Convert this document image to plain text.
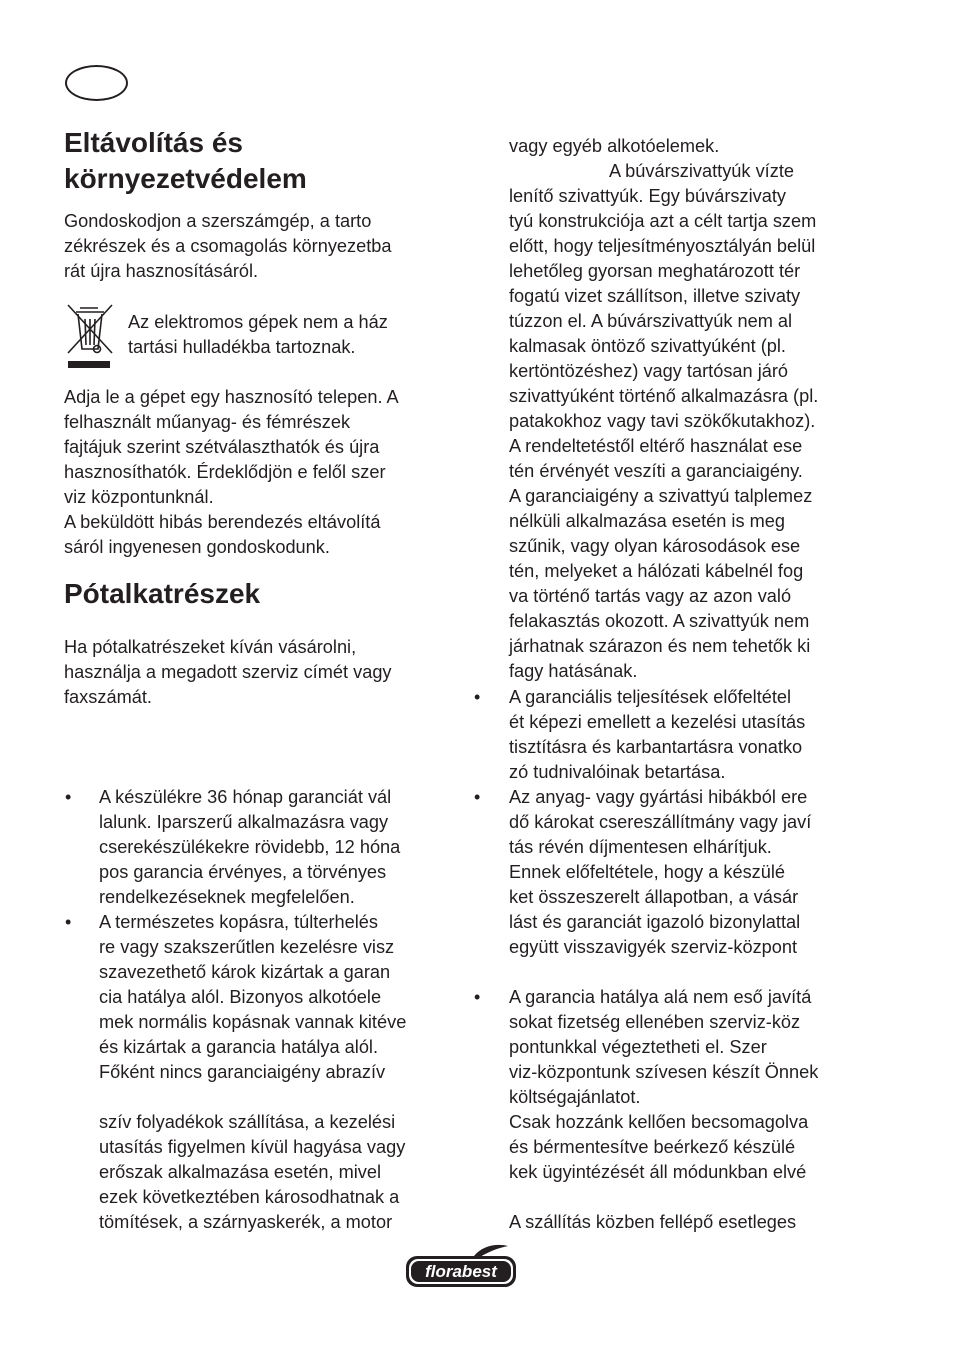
Eltávolítás és
környezetvédelem
Gondoskodjon a szerszámgép, a tarto
zékrészek és a csomagolás környezetba
rát újra hasznosításáról.
Az elektromos gépek nem a ház
tartási hulladékba tartoznak.
Adja le a gépet egy hasznosító telepen. A
felhasznált műanyag- és fémrészek
fajtájuk szerint szétválaszthatók és újra
hasznosíthatók. Érdeklődjön e felől szer
viz központunknál.
A beküldött hibás berendezés eltávolítá
sáról ingyenesen gondoskodunk.
Pótalkatrészek
Ha pótalkatrészeket kíván vásárolni,
használja a megadott szerviz címét vagy
faxszámát.
• A készülékre 36 hónap garanciát vál
lalunk. Iparszerű alkalmazásra vagy
cserekészülékekre rövidebb, 12 hóna
pos garancia érvényes, a törvényes
rendelkezéseknek megfelelően.
• A természetes kopásra, túlterhelés
re vagy szakszerűtlen kezelésre visz
szavezethető károk kizártak a garan
cia hatálya alól. Bizonyos alkotóele
mek normális kopásnak vannak kitéve
és kizártak a garancia hatálya alól.
Főként nincs garanciaigény abrazív
szív folyadékok szállítása, a kezelési
utasítás figyelmen kívül hagyása vagy
erőszak alkalmazása esetén, mivel
ezek következtében károsodhatnak a
tömítések, a szárnyaskerék, a motor
vagy egyéb alkotóelemek.
A búvárszivattyúk vízte
lenítő szivattyúk. Egy búvárszivaty
tyú konstrukciója azt a célt tartja szem
előtt, hogy teljesítményosztályán belül
lehetőleg gyorsan meghatározott tér
fogatú vizet szállítson, illetve szivaty
túzzon el. A búvárszivattyúk nem al
kalmasak öntöző szivattyúként (pl.
kertöntözéshez) vagy tartósan járó
szivattyúként történő alkalmazásra (pl.
patakokhoz vagy tavi szökőkutakhoz).
A rendeltetéstől eltérő használat ese
tén érvényét veszíti a garanciaigény.
A garanciaigény a szivattyú talplemez
nélküli alkalmazása esetén is meg
szűnik, vagy olyan károsodások ese
tén, melyeket a hálózati kábelnél fog
va történő tartás vagy az azon való
felakasztás okozott. A szivattyúk nem
járhatnak szárazon és nem tehetők ki
fagy hatásának.
• A garanciális teljesítések előfeltétel
ét képezi emellett a kezelési utasítás
tisztításra és karbantartásra vonatko
zó tudnivalóinak betartása.
• Az anyag- vagy gyártási hibákból ere
dő károkat csereszállítmány vagy javí
tás révén díjmentesen elhárítjuk.
Ennek előfeltétele, hogy a készülé
ket összeszerelt állapotban, a vásár
lást és garanciát igazoló bizonylattal
együtt visszavigyék szerviz-központ
• A garancia hatálya alá nem eső javítá
sokat fizetség ellenében szerviz-köz
pontunkkal végeztetheti el. Szer
viz-központunk szívesen készít Önnek
költségajánlatot.
Csak hozzánk kellően becsomagolva
és bérmentesítve beérkező készülé
kek ügyintézését áll módunkban elvé
A szállítás közben fellépő esetleges
florabest
